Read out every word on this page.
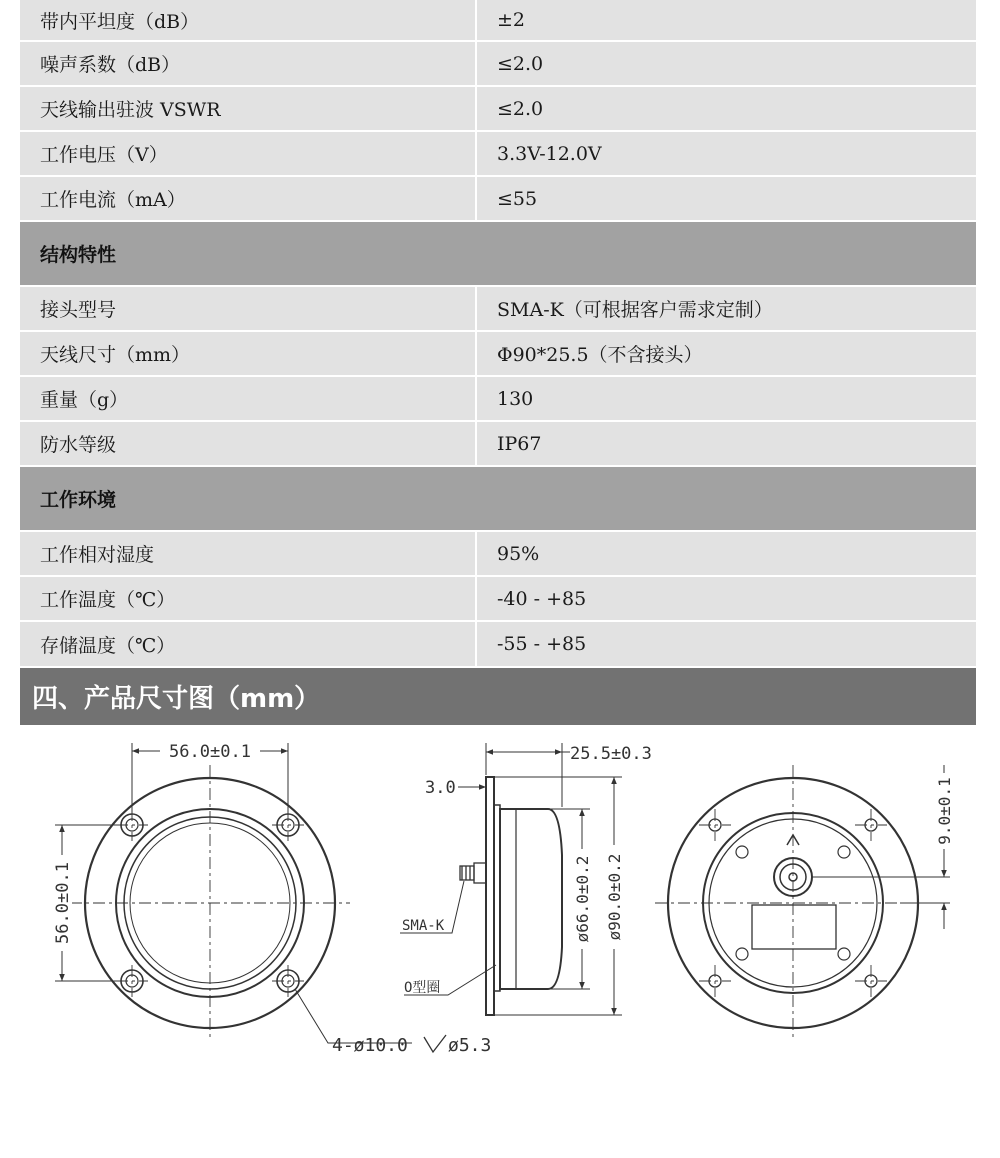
带内平坦度（dB）	±2
噪声系数（dB）	≤2.0
天线输出驻波 VSWR	≤2.0
工作电压（V）	3.3V-12.0V
工作电流（mA）	≤55
结构特性
接头型号	SMA-K（可根据客户需求定制）
天线尺寸（mm）	Φ90*25.5（不含接头）
重量（g）	130
防水等级	IP67
工作环境
工作相对湿度	95%
工作温度（℃）	-40 - +85
存储温度（℃）	-55 - +85
四、产品尺寸图（mm）
56.0±0.1
56.0±0.1
4-ø10.0 ø5.3
25.5±0.3
3.0
SMA-K
O型圈
ø66.0±0.2 ø90.0±0.2
9.0±0.1
